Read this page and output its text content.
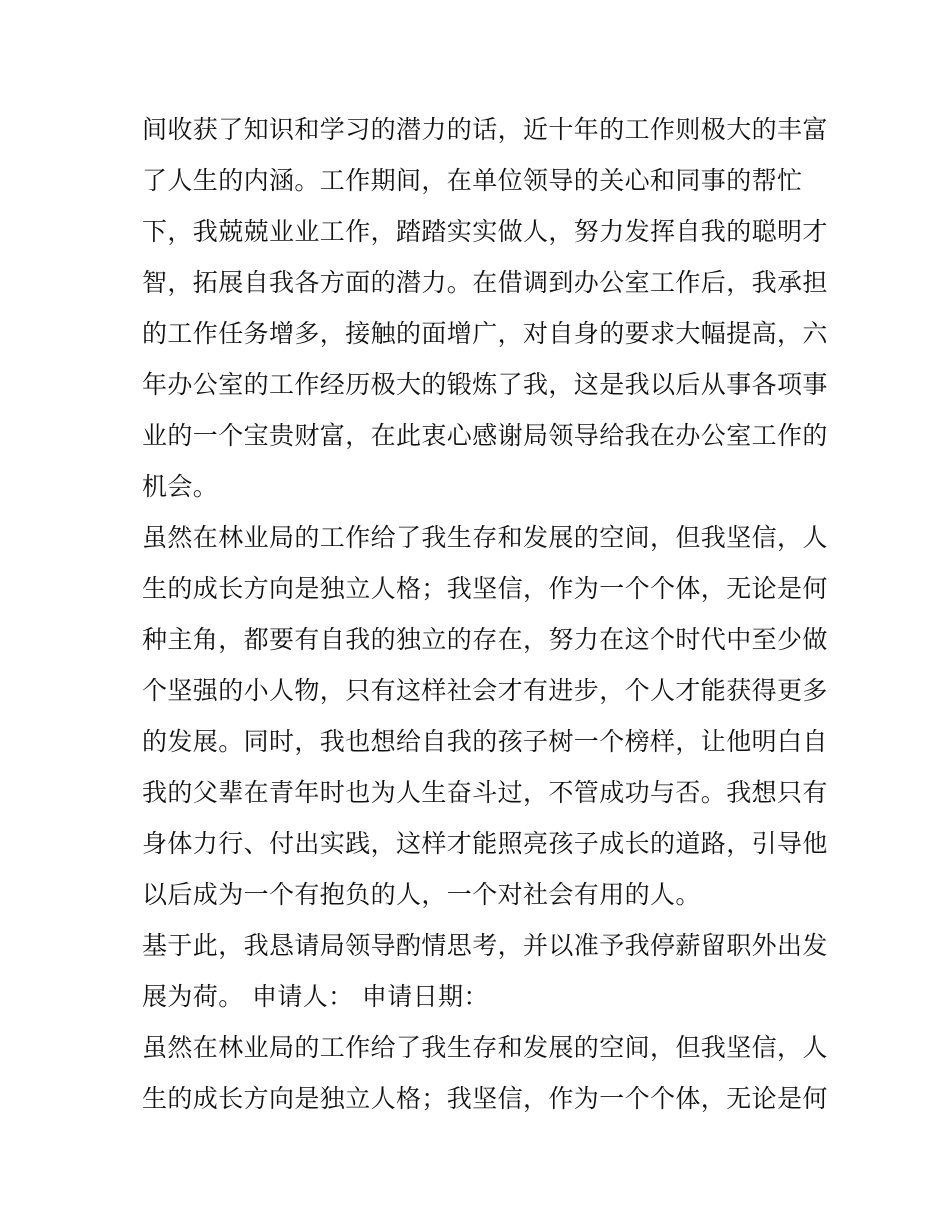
间收获了知识和学习的潜力的话，近十年的工作则极大的丰富
了人生的内涵。工作期间，在单位领导的关心和同事的帮忙
下，我兢兢业业工作，踏踏实实做人，努力发挥自我的聪明才
智，拓展自我各方面的潜力。在借调到办公室工作后，我承担
的工作任务增多，接触的面增广，对自身的要求大幅提高，六
年办公室的工作经历极大的锻炼了我，这是我以后从事各项事
业的一个宝贵财富，在此衷心感谢局领导给我在办公室工作的
机会。
虽然在林业局的工作给了我生存和发展的空间，但我坚信，人
生的成长方向是独立人格；我坚信，作为一个个体，无论是何
种主角，都要有自我的独立的存在，努力在这个时代中至少做
个坚强的小人物，只有这样社会才有进步，个人才能获得更多
的发展。同时，我也想给自我的孩子树一个榜样，让他明白自
我的父辈在青年时也为人生奋斗过，不管成功与否。我想只有
身体力行、付出实践，这样才能照亮孩子成长的道路，引导他
以后成为一个有抱负的人，一个对社会有用的人。
基于此，我恳请局领导酌情思考，并以准予我停薪留职外出发
展为荷。 申请人： 申请日期：
虽然在林业局的工作给了我生存和发展的空间，但我坚信，人
生的成长方向是独立人格；我坚信，作为一个个体，无论是何
